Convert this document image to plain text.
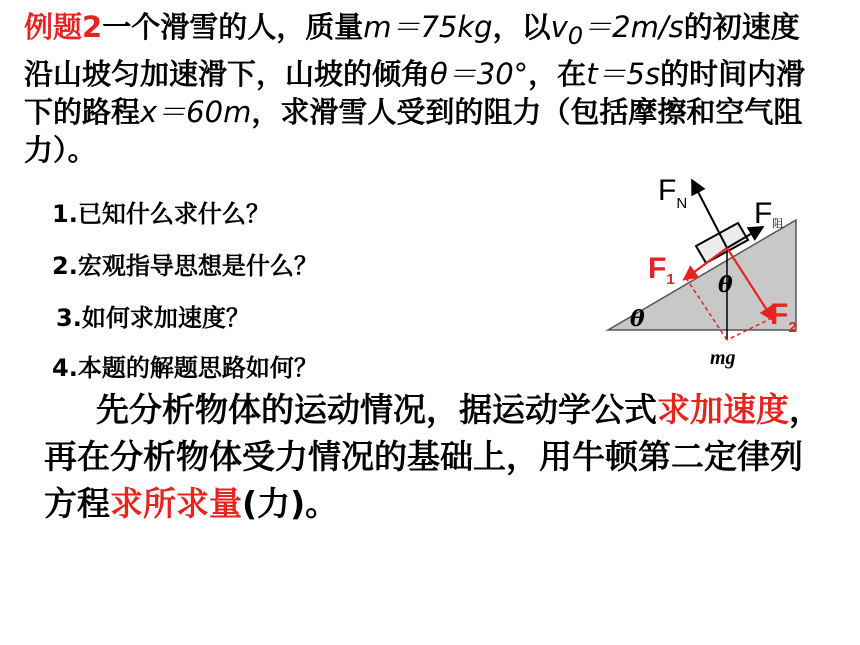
例题2一个滑雪的人，质量m＝75kg，以$v_0=2m/s$的初速度沿山坡匀加速滑下，山坡的倾角θ＝30°，在t＝5s的时间内滑下的路程x＝60m，求滑雪人受到的阻力（包括摩擦和空气阻力）。
1.已知什么求什么？
2.宏观指导思想是什么？
3.如何求加速度？
4.本题的解题思路如何？
先分析物体的运动情况，据运动学公式求加速度，再在分析物体受力情况的基础上，用牛顿第二定律列方程求所求量(力)。
$F_N$ F阻
$F_1$
$F_2$
θ
θ
mg
